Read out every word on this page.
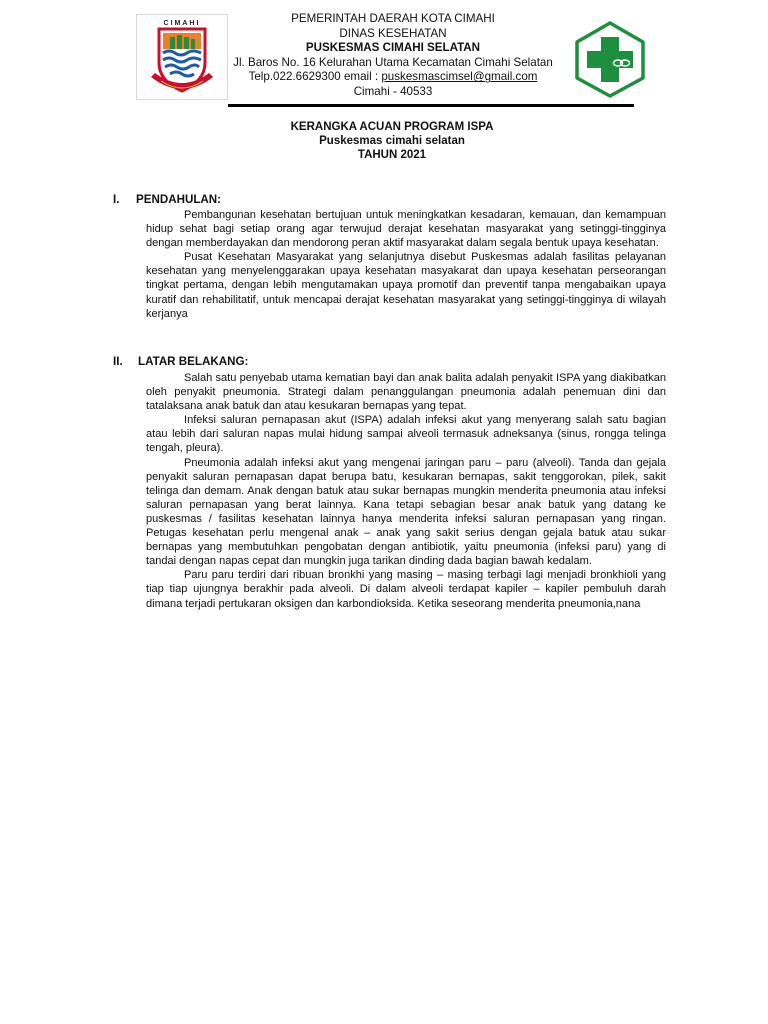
CIMAHI	PEMERINTAH DAERAH KOTA CIMAHI
DINAS KESEHATAN
PUSKESMAS CIMAHI SELATAN
Jl. Baros No. 16 Kelurahan Utama Kecamatan Cimahi Selatan
Telp.022.6629300 email : puskesmascimsel@gmail.com
Cimahi - 40533
KERANGKA ACUAN PROGRAM ISPA
Puskesmas cimahi selatan
TAHUN 2021
I. PENDAHULAN:

Pembangunan kesehatan bertujuan untuk meningkatkan kesadaran, kemauan, dan kemampuan hidup sehat bagi setiap orang agar terwujud derajat kesehatan masyarakat yang setinggi-tingginya dengan memberdayakan dan mendorong peran aktif masyarakat dalam segala bentuk upaya kesehatan.

Pusat Kesehatan Masyarakat yang selanjutnya disebut Puskesmas adalah fasilitas pelayanan kesehatan yang menyelenggarakan upaya kesehatan masyakarat dan upaya kesehatan perseorangan tingkat pertama, dengan lebih mengutamakan upaya promotif dan preventif tanpa mengabaikan upaya kuratif dan rehabilitatif, untuk mencapai derajat kesehatan masyarakat yang setinggi-tingginya di wilayah kerjanya

II. LATAR BELAKANG:

Salah satu penyebab utama kematian bayi dan anak balita adalah penyakit ISPA yang diakibatkan oleh penyakit pneumonia. Strategi dalam penanggulangan pneumonia adalah penemuan dini dan tatalaksana anak batuk dan atau kesukaran bernapas yang tepat.

Infeksi saluran pernapasan akut (ISPA) adalah infeksi akut yang menyerang salah satu bagian atau lebih dari saluran napas mulai hidung sampai alveoli termasuk adneksanya (sinus, rongga telinga tengah, pleura).

Pneumonia adalah infeksi akut yang mengenai jaringan paru – paru (alveoli). Tanda dan gejala penyakit saluran pernapasan dapat berupa batu, kesukaran bernapas, sakit tenggorokan, pilek, sakit telinga dan demam. Anak dengan batuk atau sukar bernapas mungkin menderita pneumonia atau infeksi saluran pernapasan yang berat lainnya. Kana tetapi sebagian besar anak batuk yang datang ke puskesmas / fasilitas kesehatan lainnya hanya menderita infeksi saluran pernapasan yang ringan. Petugas kesehatan perlu mengenal anak – anak yang sakit serius dengan gejala batuk atau sukar bernapas yang membutuhkan pengobatan dengan antibiotik, yaitu pneumonia (infeksi paru) yang di tandai dengan napas cepat dan mungkin juga tarikan dinding dada bagian bawah kedalam.

Paru paru terdiri dari ribuan bronkhi yang masing – masing terbagi lagi menjadi bronkhioli yang tiap tiap ujungnya berakhir pada alveoli. Di dalam alveoli terdapat kapiler – kapiler pembuluh darah dimana terjadi pertukaran oksigen dan karbondioksida. Ketika seseorang menderita pneumonia,nana
